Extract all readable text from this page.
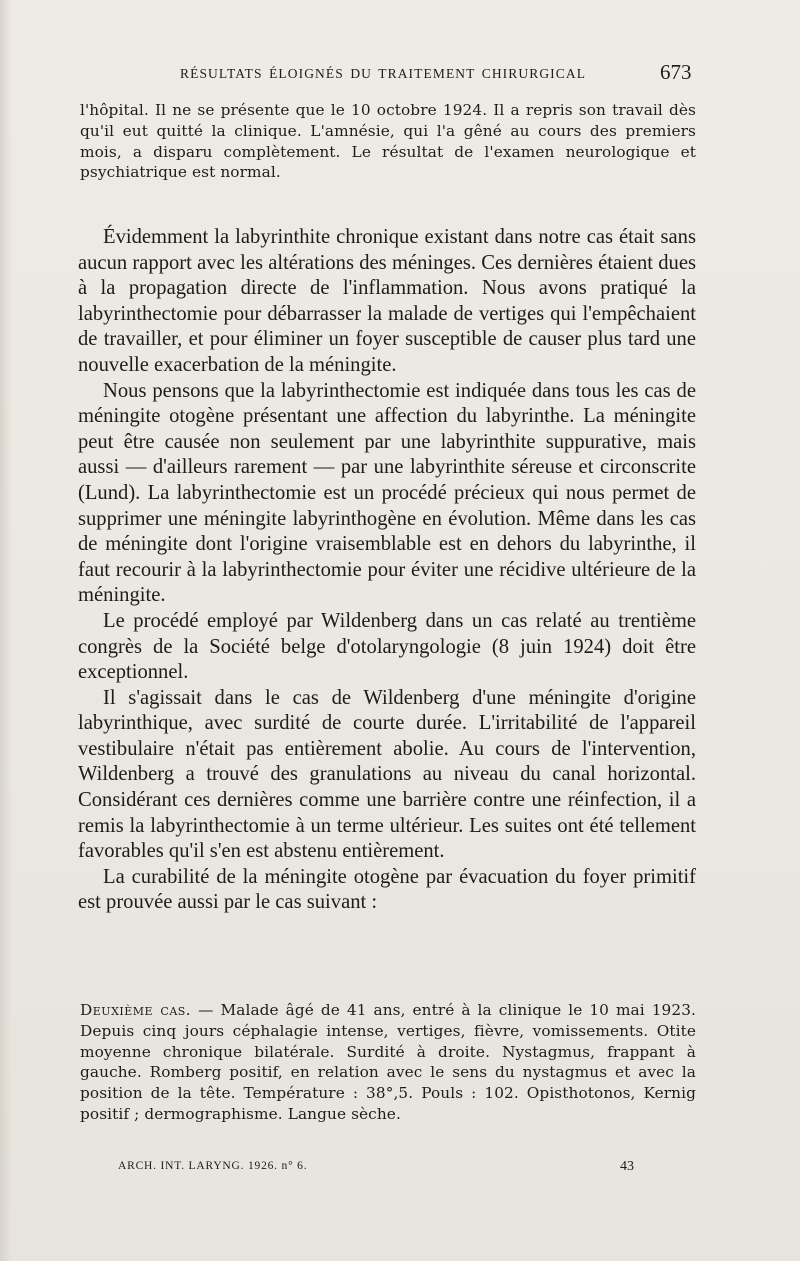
RÉSULTATS ÉLOIGNÉS DU TRAITEMENT CHIRURGICAL	673
l'hôpital. Il ne se présente que le 10 octobre 1924. Il a repris son travail dès qu'il eut quitté la clinique. L'amnésie, qui l'a gêné au cours des premiers mois, a disparu complètement. Le résultat de l'examen neurologique et psychiatrique est normal.

Évidemment la labyrinthite chronique existant dans notre cas était sans aucun rapport avec les altérations des méninges. Ces dernières étaient dues à la propagation directe de l'inflammation. Nous avons pratiqué la labyrinthectomie pour débarrasser la malade de vertiges qui l'empêchaient de travailler, et pour éliminer un foyer susceptible de causer plus tard une nouvelle exacerbation de la méningite.

Nous pensons que la labyrinthectomie est indiquée dans tous les cas de méningite otogène présentant une affection du labyrinthe. La méningite peut être causée non seulement par une labyrinthite suppurative, mais aussi — d'ailleurs rarement — par une labyrinthite séreuse et circonscrite (Lund). La labyrinthectomie est un procédé précieux qui nous permet de supprimer une méningite labyrinthogène en évolution. Même dans les cas de méningite dont l'origine vraisemblable est en dehors du labyrinthe, il faut recourir à la labyrinthectomie pour éviter une récidive ultérieure de la méningite.

Le procédé employé par Wildenberg dans un cas relaté au trentième congrès de la Société belge d'otolaryngologie (8 juin 1924) doit être exceptionnel.

Il s'agissait dans le cas de Wildenberg d'une méningite d'origine labyrinthique, avec surdité de courte durée. L'irritabilité de l'appareil vestibulaire n'était pas entièrement abolie. Au cours de l'intervention, Wildenberg a trouvé des granulations au niveau du canal horizontal. Considérant ces dernières comme une barrière contre une réinfection, il a remis la labyrinthectomie à un terme ultérieur. Les suites ont été tellement favorables qu'il s'en est abstenu entièrement.

La curabilité de la méningite otogène par évacuation du foyer primitif est prouvée aussi par le cas suivant :

Deuxième cas. — Malade âgé de 41 ans, entré à la clinique le 10 mai 1923. Depuis cinq jours céphalagie intense, vertiges, fièvre, vomissements. Otite moyenne chronique bilatérale. Surdité à droite. Nystagmus, frappant à gauche. Romberg positif, en relation avec le sens du nystagmus et avec la position de la tête. Température : 38°,5. Pouls : 102. Opisthotonos, Kernig positif ; dermographisme. Langue sèche.
ARCH. INT. LARYNG. 1926. n° 6.	43
